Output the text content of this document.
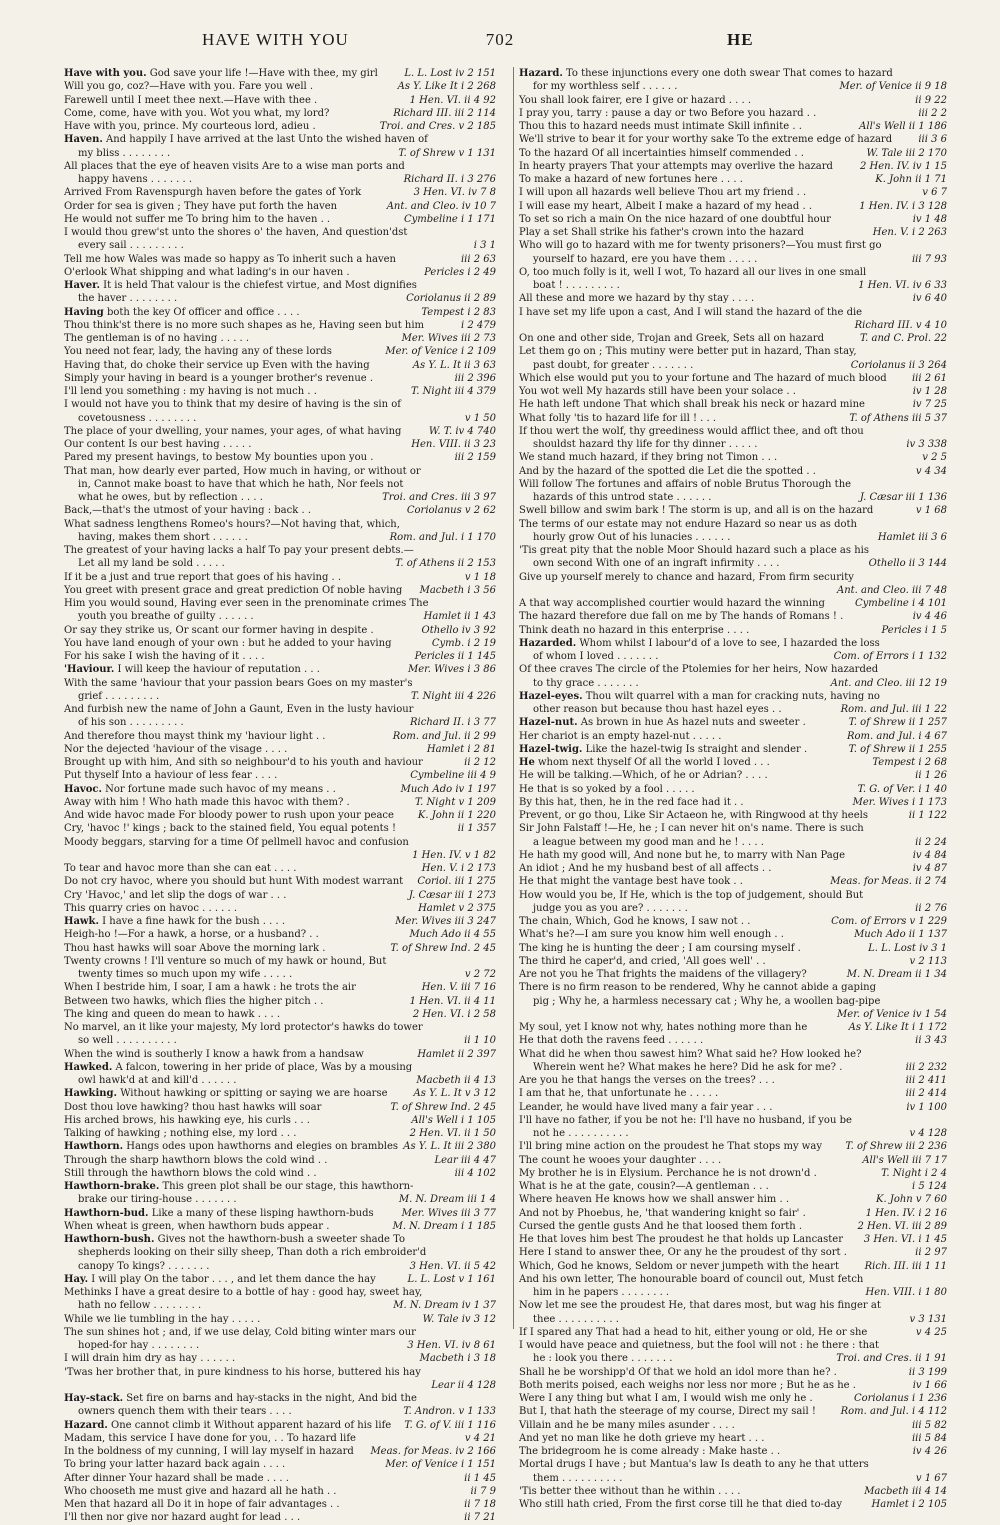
HAVE WITH YOU	702	HE
Have with you. God save your life !—Have with thee, my girl	L. L. Lost iv 2 151
Will you go, coz?—Have with you. Fare you well .	As Y. Like It i 2 268
Farewell until I meet thee next.—Have with thee .	1 Hen. VI. ii 4 92
Come, come, have with you. Wot you what, my lord?	Richard III. iii 2 114
Have with you, prince. My courteous lord, adieu .	Troi. and Cres. v 2 185
Haven. And happily I have arrived at the last Unto the wished haven of
my bliss . . . . . . . .	T. of Shrew v 1 131
All places that the eye of heaven visits Are to a wise man ports and
happy havens . . . . . . .	Richard II. i 3 276
Arrived From Ravenspurgh haven before the gates of York	3 Hen. VI. iv 7 8
Order for sea is given ; They have put forth the haven	Ant. and Cleo. iv 10 7
He would not suffer me To bring him to the haven . .	Cymbeline i 1 171
I would thou grew'st unto the shores o' the haven, And question'dst
every sail . . . . . . . . .	i 3 1
Tell me how Wales was made so happy as To inherit such a haven	iii 2 63
O'erlook What shipping and what lading's in our haven .	Pericles i 2 49
Haver. It is held That valour is the chiefest virtue, and Most dignifies
the haver . . . . . . . .	Coriolanus ii 2 89
Having both the key Of officer and office . . . .	Tempest i 2 83
Thou think'st there is no more such shapes as he, Having seen but him	i 2 479
The gentleman is of no having . . . . .	Mer. Wives iii 2 73
You need not fear, lady, the having any of these lords	Mer. of Venice i 2 109
Having that, do choke their service up Even with the having	As Y. L. It ii 3 63
Simply your having in beard is a younger brother's revenue .	iii 2 396
I'll lend you something : my having is not much . .	T. Night iii 4 379
I would not have you to think that my desire of having is the sin of
covetousness . . . . . . . .	v 1 50
The place of your dwelling, your names, your ages, of what having	W. T. iv 4 740
Our content Is our best having . . . . .	Hen. VIII. ii 3 23
Pared my present havings, to bestow My bounties upon you .	iii 2 159
That man, how dearly ever parted, How much in having, or without or
in, Cannot make boast to have that which he hath, Nor feels not
what he owes, but by reflection . . . .	Troi. and Cres. iii 3 97
Back,—that's the utmost of your having : back . .	Coriolanus v 2 62
What sadness lengthens Romeo's hours?—Not having that, which,
having, makes them short . . . . . .	Rom. and Jul. i 1 170
The greatest of your having lacks a half To pay your present debts.—
Let all my land be sold . . . . .	T. of Athens ii 2 153
If it be a just and true report that goes of his having . .	v 1 18
You greet with present grace and great prediction Of noble having	Macbeth i 3 56
Him you would sound, Having ever seen in the prenominate crimes The
youth you breathe of guilty . . . . . .	Hamlet ii 1 43
Or say they strike us, Or scant our former having in despite .	Othello iv 3 92
You have land enough of your own : but he added to your having	Cymb. i 2 19
For his sake I wish the having of it . . . .	Pericles ii 1 145
'Haviour. I will keep the haviour of reputation . . .	Mer. Wives i 3 86
With the same 'haviour that your passion bears Goes on my master's
grief . . . . . . . . .	T. Night iii 4 226
And furbish new the name of John a Gaunt, Even in the lusty haviour
of his son . . . . . . . . .	Richard II. i 3 77
And therefore thou mayst think my 'haviour light . .	Rom. and Jul. ii 2 99
Nor the dejected 'haviour of the visage . . . .	Hamlet i 2 81
Brought up with him, And sith so neighbour'd to his youth and haviour	ii 2 12
Put thyself Into a haviour of less fear . . . .	Cymbeline iii 4 9
Havoc. Nor fortune made such havoc of my means . .	Much Ado iv 1 197
Away with him ! Who hath made this havoc with them? .	T. Night v 1 209
And wide havoc made For bloody power to rush upon your peace	K. John ii 1 220
Cry, 'havoc !' kings ; back to the stained field, You equal potents !	ii 1 357
Moody beggars, starving for a time Of pellmell havoc and confusion
1 Hen. IV. v 1 82
To tear and havoc more than she can eat . . . .	Hen. V. i 2 173
Do not cry havoc, where you should but hunt With modest warrant	Coriol. iii 1 275
Cry 'Havoc,' and let slip the dogs of war . . .	J. Cæsar iii 1 273
This quarry cries on havoc . . . . . .	Hamlet v 2 375
Hawk. I have a fine hawk for the bush . . . .	Mer. Wives iii 3 247
Heigh-ho !—For a hawk, a horse, or a husband? . .	Much Ado ii 4 55
Thou hast hawks will soar Above the morning lark .	T. of Shrew Ind. 2 45
Twenty crowns ! I'll venture so much of my hawk or hound, But
twenty times so much upon my wife . . . . .	v 2 72
When I bestride him, I soar, I am a hawk : he trots the air	Hen. V. iii 7 16
Between two hawks, which flies the higher pitch . .	1 Hen. VI. ii 4 11
The king and queen do mean to hawk . . . .	2 Hen. VI. i 2 58
No marvel, an it like your majesty, My lord protector's hawks do tower
so well . . . . . . . . . .	ii 1 10
When the wind is southerly I know a hawk from a handsaw	Hamlet ii 2 397
Hawked. A falcon, towering in her pride of place, Was by a mousing
owl hawk'd at and kill'd . . . . . .	Macbeth ii 4 13
Hawking. Without hawking or spitting or saying we are hoarse	As Y. L. It v 3 12
Dost thou love hawking? thou hast hawks will soar	T. of Shrew Ind. 2 45
His arched brows, his hawking eye, his curls . . .	All's Well i 1 105
Talking of hawking ; nothing else, my lord . . .	2 Hen. VI. ii 1 50
Hawthorn. Hangs odes upon hawthorns and elegies on brambles As Y. L. It iii 2 380
Through the sharp hawthorn blows the cold wind . .	Lear iii 4 47
Still through the hawthorn blows the cold wind . .	iii 4 102
Hawthorn-brake. This green plot shall be our stage, this hawthorn-
brake our tiring-house . . . . . . .	M. N. Dream iii 1 4
Hawthorn-bud. Like a many of these lisping hawthorn-buds	Mer. Wives iii 3 77
When wheat is green, when hawthorn buds appear .	M. N. Dream i 1 185
Hawthorn-bush. Gives not the hawthorn-bush a sweeter shade To
shepherds looking on their silly sheep, Than doth a rich embroider'd
canopy To kings? . . . . . . .	3 Hen. VI. ii 5 42
Hay. I will play On the tabor . . . , and let them dance the hay	L. L. Lost v 1 161
Methinks I have a great desire to a bottle of hay : good hay, sweet hay,
hath no fellow . . . . . . . .	M. N. Dream iv 1 37
While we lie tumbling in the hay . . . . .	W. Tale iv 3 12
The sun shines hot ; and, if we use delay, Cold biting winter mars our
hoped-for hay . . . . . . . .	3 Hen. VI. iv 8 61
I will drain him dry as hay . . . . . .	Macbeth i 3 18
'Twas her brother that, in pure kindness to his horse, buttered his hay
Lear ii 4 128
Hay-stack. Set fire on barns and hay-stacks in the night, And bid the
owners quench them with their tears . . . .	T. Andron. v 1 133
Hazard. One cannot climb it Without apparent hazard of his life	T. G. of V. iii 1 116
Madam, this service I have done for you, . . To hazard life	v 4 21
In the boldness of my cunning, I will lay myself in hazard	Meas. for Meas. iv 2 166
To bring your latter hazard back again . . . .	Mer. of Venice i 1 151
After dinner Your hazard shall be made . . . .	ii 1 45
Who chooseth me must give and hazard all he hath . .	ii 7 9
Men that hazard all Do it in hope of fair advantages . .	ii 7 18
I'll then nor give nor hazard aught for lead . . .	ii 7 21
Hazard. To these injunctions every one doth swear That comes to hazard
for my worthless self . . . . . .	Mer. of Venice ii 9 18
You shall look fairer, ere I give or hazard . . . .	ii 9 22
I pray you, tarry : pause a day or two Before you hazard . .	iii 2 2
Thou this to hazard needs must intimate Skill infinite . .	All's Well ii 1 186
We'll strive to bear it for your worthy sake To the extreme edge of hazard	iii 3 6
To the hazard Of all incertainties himself commended . .	W. Tale iii 2 170
In hearty prayers That your attempts may overlive the hazard	2 Hen. IV. iv 1 15
To make a hazard of new fortunes here . . . .	K. John ii 1 71
I will upon all hazards well believe Thou art my friend . .	v 6 7
I will ease my heart, Albeit I make a hazard of my head . .	1 Hen. IV. i 3 128
To set so rich a main On the nice hazard of one doubtful hour	iv 1 48
Play a set Shall strike his father's crown into the hazard	Hen. V. i 2 263
Who will go to hazard with me for twenty prisoners?—You must first go
yourself to hazard, ere you have them . . . . .	iii 7 93
O, too much folly is it, well I wot, To hazard all our lives in one small
boat ! . . . . . . . . .	1 Hen. VI. iv 6 33
All these and more we hazard by thy stay . . . .	iv 6 40
I have set my life upon a cast, And I will stand the hazard of the die
Richard III. v 4 10
On one and other side, Trojan and Greek, Sets all on hazard	T. and C. Prol. 22
Let them go on ; This mutiny were better put in hazard, Than stay,
past doubt, for greater . . . . . . .	Coriolanus ii 3 264
Which else would put you to your fortune and The hazard of much blood	iii 2 61
You wot well My hazards still have been your solace . .	iv 1 28
He hath left undone That which shall break his neck or hazard mine	iv 7 25
What folly 'tis to hazard life for ill ! . . .	T. of Athens iii 5 37
If thou wert the wolf, thy greediness would afflict thee, and oft thou
shouldst hazard thy life for thy dinner . . . . .	iv 3 338
We stand much hazard, if they bring not Timon . . .	v 2 5
And by the hazard of the spotted die Let die the spotted . .	v 4 34
Will follow The fortunes and affairs of noble Brutus Thorough the
hazards of this untrod state . . . . . .	J. Cæsar iii 1 136
Swell billow and swim bark ! The storm is up, and all is on the hazard	v 1 68
The terms of our estate may not endure Hazard so near us as doth
hourly grow Out of his lunacies . . . . . .	Hamlet iii 3 6
'Tis great pity that the noble Moor Should hazard such a place as his
own second With one of an ingraft infirmity . . . .	Othello ii 3 144
Give up yourself merely to chance and hazard, From firm security
Ant. and Cleo. iii 7 48
A that way accomplished courtier would hazard the winning	Cymbeline i 4 101
The hazard therefore due fall on me by The hands of Romans ! .	iv 4 46
Think death no hazard in this enterprise . . . .	Pericles i 1 5
Hazarded. Whom whilst I labour'd of a love to see, I hazarded the loss
of whom I loved . . . . . . .	Com. of Errors i 1 132
Of thee craves The circle of the Ptolemies for her heirs, Now hazarded
to thy grace . . . . . . .	Ant. and Cleo. iii 12 19
Hazel-eyes. Thou wilt quarrel with a man for cracking nuts, having no
other reason but because thou hast hazel eyes . .	Rom. and Jul. iii 1 22
Hazel-nut. As brown in hue As hazel nuts and sweeter .	T. of Shrew ii 1 257
Her chariot is an empty hazel-nut . . . . .	Rom. and Jul. i 4 67
Hazel-twig. Like the hazel-twig Is straight and slender .	T. of Shrew ii 1 255
He whom next thyself Of all the world I loved . . .	Tempest i 2 68
He will be talking.—Which, of he or Adrian? . . . .	ii 1 26
He that is so yoked by a fool . . . . .	T. G. of Ver. i 1 40
By this hat, then, he in the red face had it . .	Mer. Wives i 1 173
Prevent, or go thou, Like Sir Actaeon he, with Ringwood at thy heels	ii 1 122
Sir John Falstaff !—He, he ; I can never hit on's name. There is such
a league between my good man and he ! . . . .	ii 2 24
He hath my good will, And none but he, to marry with Nan Page	iv 4 84
An idiot ; And he my husband best of all affects . .	iv 4 87
He that might the vantage best have took . .	Meas. for Meas. ii 2 74
How would you be, If He, which is the top of judgement, should But
judge you as you are? . . . . . . .	ii 2 76
The chain, Which, God he knows, I saw not . .	Com. of Errors v 1 229
What's he?—I am sure you know him well enough . .	Much Ado ii 1 137
The king he is hunting the deer ; I am coursing myself .	L. L. Lost iv 3 1
The third he caper'd, and cried, 'All goes well' . .	v 2 113
Are not you he That frights the maidens of the villagery?	M. N. Dream ii 1 34
There is no firm reason to be rendered, Why he cannot abide a gaping
pig ; Why he, a harmless necessary cat ; Why he, a woollen bag-pipe
Mer. of Venice iv 1 54
My soul, yet I know not why, hates nothing more than he	As Y. Like It i 1 172
He that doth the ravens feed . . . . . .	ii 3 43
What did he when thou sawest him? What said he? How looked he?
Wherein went he? What makes he here? Did he ask for me? .	iii 2 232
Are you he that hangs the verses on the trees? . . .	iii 2 411
I am that he, that unfortunate he . . . . .	iii 2 414
Leander, he would have lived many a fair year . . .	iv 1 100
I'll have no father, if you be not he: I'll have no husband, if you be
not he . . . . . . . . . .	v 4 128
I'll bring mine action on the proudest he That stops my way	T. of Shrew iii 2 236
The count he wooes your daughter . . . .	All's Well iii 7 17
My brother he is in Elysium. Perchance he is not drown'd .	T. Night i 2 4
What is he at the gate, cousin?—A gentleman . . .	i 5 124
Where heaven He knows how we shall answer him . .	K. John v 7 60
And not by Phoebus, he, 'that wandering knight so fair' .	1 Hen. IV. i 2 16
Cursed the gentle gusts And he that loosed them forth .	2 Hen. VI. iii 2 89
He that loves him best The proudest he that holds up Lancaster	3 Hen. VI. i 1 45
Here I stand to answer thee, Or any he the proudest of thy sort .	ii 2 97
Which, God he knows, Seldom or never jumpeth with the heart	Rich. III. iii 1 11
And his own letter, The honourable board of council out, Must fetch
him in he papers . . . . . . . .	Hen. VIII. i 1 80
Now let me see the proudest He, that dares most, but wag his finger at
thee . . . . . . . . . .	v 3 131
If I spared any That had a head to hit, either young or old, He or she	v 4 25
I would have peace and quietness, but the fool will not : he there : that
he : look you there . . . . . . .	Troi. and Cres. ii 1 91
Shall he be worshipp'd Of that we hold an idol more than he? .	ii 3 199
Both merits poised, each weighs nor less nor more ; But he as he .	iv 1 66
Were I any thing but what I am, I would wish me only he .	Coriolanus i 1 236
But I, that hath the steerage of my course, Direct my sail !	Rom. and Jul. i 4 112
Villain and he be many miles asunder . . . .	iii 5 82
And yet no man like he doth grieve my heart . . .	iii 5 84
The bridegroom he is come already : Make haste . .	iv 4 26
Mortal drugs I have ; but Mantua's law Is death to any he that utters
them . . . . . . . . . .	v 1 67
'Tis better thee without than he within . . . .	Macbeth iii 4 14
Who still hath cried, From the first corse till he that died to-day	Hamlet i 2 105
